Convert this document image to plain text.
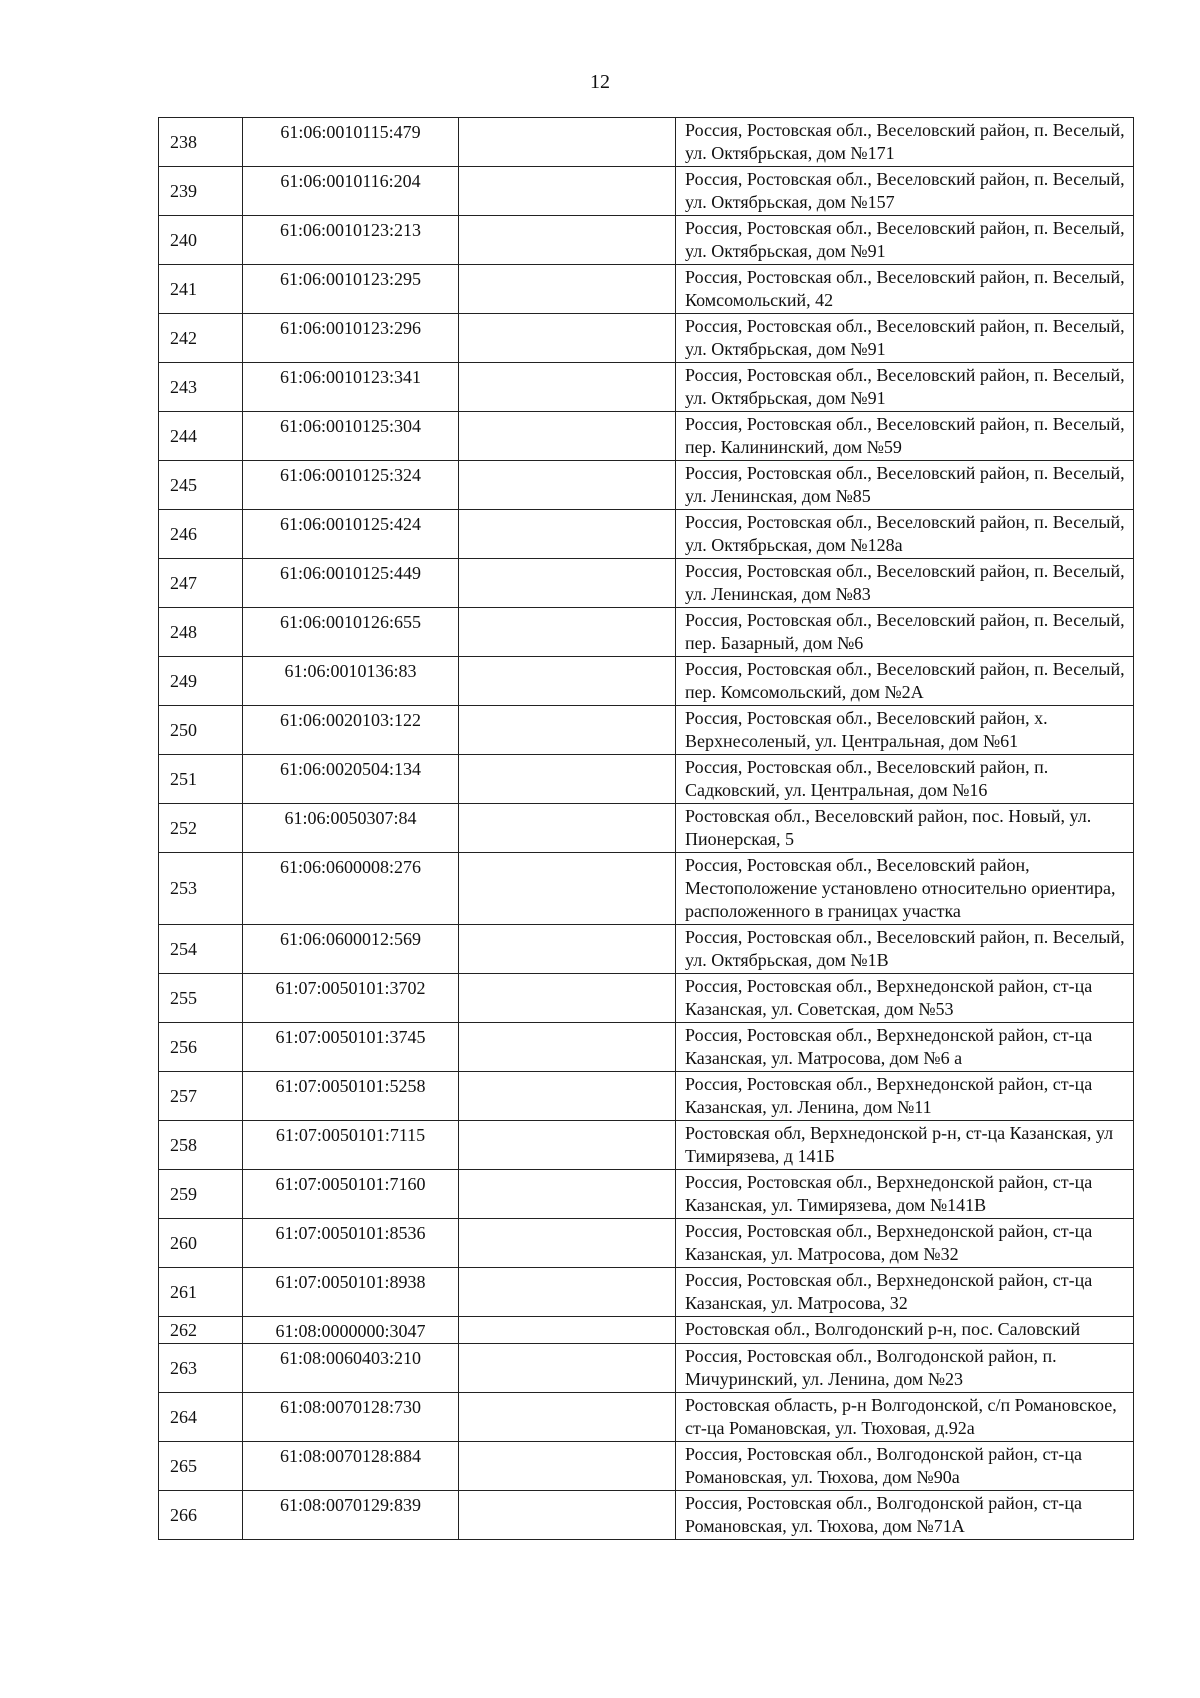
12
238	61:06:0010115:479		Россия, Ростовская обл., Веселовский район, п. Веселый, ул. Октябрьская, дом №171
239	61:06:0010116:204		Россия, Ростовская обл., Веселовский район, п. Веселый, ул. Октябрьская, дом №157
240	61:06:0010123:213		Россия, Ростовская обл., Веселовский район, п. Веселый, ул. Октябрьская, дом №91
241	61:06:0010123:295		Россия, Ростовская обл., Веселовский район, п. Веселый, Комсомольский, 42
242	61:06:0010123:296		Россия, Ростовская обл., Веселовский район, п. Веселый, ул. Октябрьская, дом №91
243	61:06:0010123:341		Россия, Ростовская обл., Веселовский район, п. Веселый, ул. Октябрьская, дом №91
244	61:06:0010125:304		Россия, Ростовская обл., Веселовский район, п. Веселый, пер. Калининский, дом №59
245	61:06:0010125:324		Россия, Ростовская обл., Веселовский район, п. Веселый, ул. Ленинская, дом №85
246	61:06:0010125:424		Россия, Ростовская обл., Веселовский район, п. Веселый, ул. Октябрьская, дом №128а
247	61:06:0010125:449		Россия, Ростовская обл., Веселовский район, п. Веселый, ул. Ленинская, дом №83
248	61:06:0010126:655		Россия, Ростовская обл., Веселовский район, п. Веселый, пер. Базарный, дом №6
249	61:06:0010136:83		Россия, Ростовская обл., Веселовский район, п. Веселый, пер. Комсомольский, дом №2А
250	61:06:0020103:122		Россия, Ростовская обл., Веселовский район, х. Верхнесоленый, ул. Центральная, дом №61
251	61:06:0020504:134		Россия, Ростовская обл., Веселовский район, п. Садковский, ул. Центральная, дом №16
252	61:06:0050307:84		Ростовская обл., Веселовский район, пос. Новый, ул. Пионерская, 5
253	61:06:0600008:276		Россия, Ростовская обл., Веселовский район, Местоположение установлено относительно ориентира, расположенного в границах участка
254	61:06:0600012:569		Россия, Ростовская обл., Веселовский район, п. Веселый, ул. Октябрьская, дом №1В
255	61:07:0050101:3702		Россия, Ростовская обл., Верхнедонской район, ст-ца Казанская, ул. Советская, дом №53
256	61:07:0050101:3745		Россия, Ростовская обл., Верхнедонской район, ст-ца Казанская, ул. Матросова, дом №6 а
257	61:07:0050101:5258		Россия, Ростовская обл., Верхнедонской район, ст-ца Казанская, ул. Ленина, дом №11
258	61:07:0050101:7115		Ростовская обл, Верхнедонской р-н, ст-ца Казанская, ул Тимирязева, д 141Б
259	61:07:0050101:7160		Россия, Ростовская обл., Верхнедонской район, ст-ца Казанская, ул. Тимирязева, дом №141В
260	61:07:0050101:8536		Россия, Ростовская обл., Верхнедонской район, ст-ца Казанская, ул. Матросова, дом №32
261	61:07:0050101:8938		Россия, Ростовская обл., Верхнедонской район, ст-ца Казанская, ул. Матросова, 32
262	61:08:0000000:3047		Ростовская обл., Волгодонский р-н, пос. Саловский
263	61:08:0060403:210		Россия, Ростовская обл., Волгодонской район, п. Мичуринский, ул. Ленина, дом №23
264	61:08:0070128:730		Ростовская область, р-н Волгодонской, с/п Романовское, ст-ца Романовская, ул. Тюховая, д.92а
265	61:08:0070128:884		Россия, Ростовская обл., Волгодонской район, ст-ца Романовская, ул. Тюхова, дом №90а
266	61:08:0070129:839		Россия, Ростовская обл., Волгодонской район, ст-ца Романовская, ул. Тюхова, дом №71А
